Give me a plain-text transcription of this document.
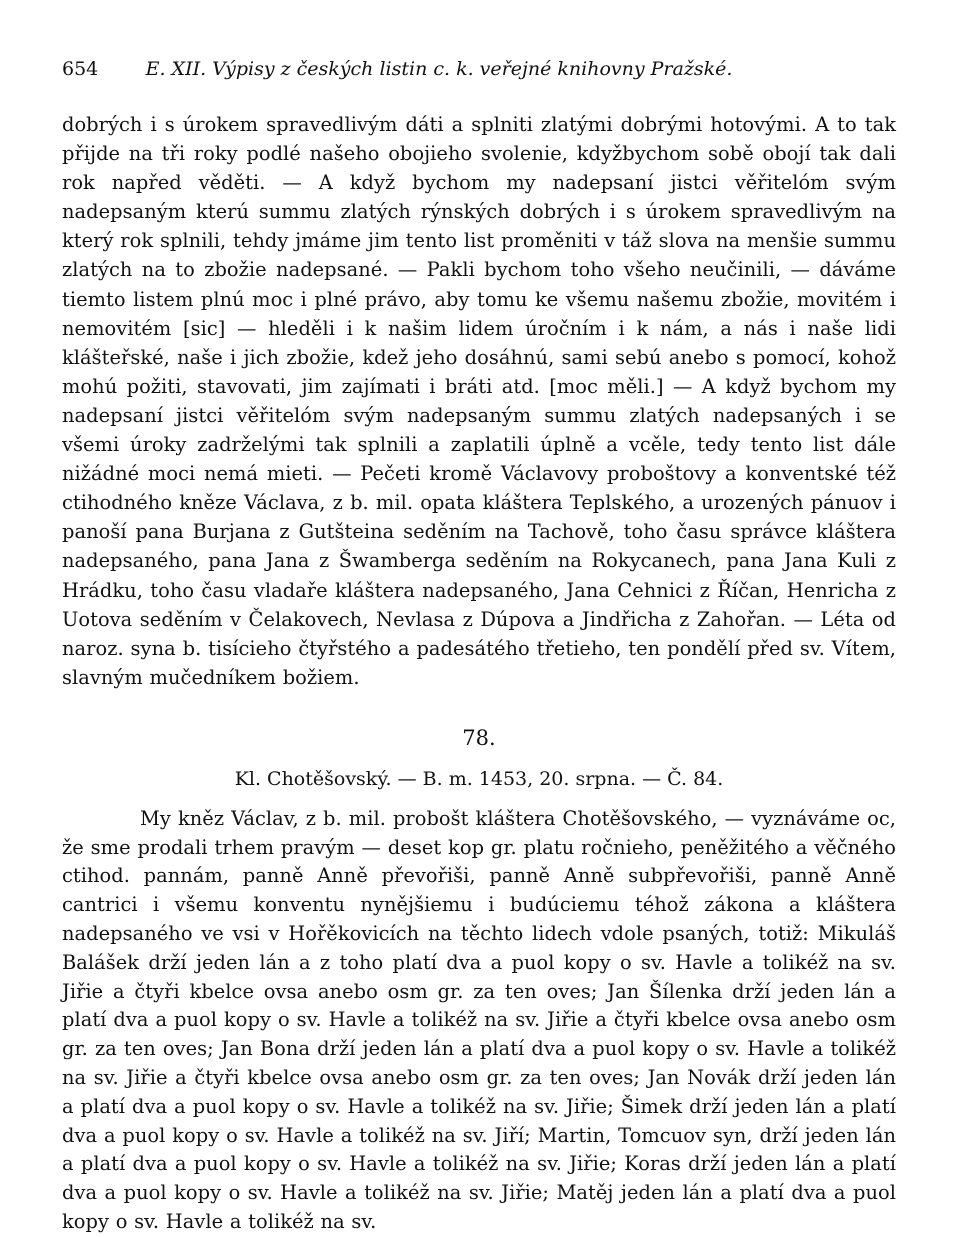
654	E. XII. Výpisy z českých listin c. k. veřejné knihovny Pražské.

dobrých i s úrokem spravedlivým dáti a splniti zlatými dobrými hotovými. A to tak přijde na tři roky podlé našeho obojieho svolenie, kdyžbychom sobě obojí tak dali rok napřed věděti. — A když bychom my nadepsaní jistci věřitelóm svým nadepsaným kterú summu zlatých rýnských dobrých i s úrokem spravedlivým na který rok splnili, tehdy jmáme jim tento list proměniti v táž slova na menšie summu zlatých na to zbožie nadepsané. — Pakli bychom toho všeho neučinili, — dáváme tiemto listem plnú moc i plné právo, aby tomu ke všemu našemu zbožie, movitém i nemovitém [sic] — hleděli i k našim lidem úročním i k nám, a nás i naše lidi klášteřské, naše i jich zbožie, kdež jeho dosáhnú, sami sebú anebo s pomocí, kohož mohú požiti, stavovati, jim zajímati i bráti atd. [moc měli.] — A když bychom my nadepsaní jistci věřitelóm svým nadepsaným summu zlatých nadepsaných i se všemi úroky zadrželými tak splnili a zaplatili úplně a vcěle, tedy tento list dále nižádné moci nemá mieti. — Pečeti kromě Václavovy proboštovy a konventské též ctihodného kněze Václava, z b. mil. opata kláštera Teplského, a urozených pánuov i panoší pana Burjana z Gutšteina seděním na Tachově, toho času správce kláštera nadepsaného, pana Jana z Šwamberga seděním na Rokycanech, pana Jana Kuli z Hrádku, toho času vladaře kláštera nadepsaného, Jana Cehnici z Říčan, Henricha z Uotova seděním v Čelakovech, Nevlasa z Dúpova a Jindřicha z Zahořan. — Léta od naroz. syna b. tisícieho čtyřstého a padesátého třetieho, ten pondělí před sv. Vítem, slavným mučedníkem božiem.

78.
Kl. Chotěšovský. — B. m. 1453, 20. srpna. — Č. 84.

My kněz Václav, z b. mil. probošt kláštera Chotěšovského, — vyznáváme oc, že sme prodali trhem pravým — deset kop gr. platu ročnieho, peněžitého a věčného ctihod. pannám, panně Anně převořiši, panně Anně subpřevořiši, panně Anně cantrici i všemu konventu nynějšiemu i budúciemu téhož zákona a kláštera nadepsaného ve vsi v Hořěkovicích na těchto lidech vdole psaných, totiž: Mikuláš Balášek drží jeden lán a z toho platí dva a puol kopy o sv. Havle a tolikéž na sv. Jiřie a čtyři kbelce ovsa anebo osm gr. za ten oves; Jan Šílenka drží jeden lán a platí dva a puol kopy o sv. Havle a tolikéž na sv. Jiřie a čtyři kbelce ovsa anebo osm gr. za ten oves; Jan Bona drží jeden lán a platí dva a puol kopy o sv. Havle a tolikéž na sv. Jiřie a čtyři kbelce ovsa anebo osm gr. za ten oves; Jan Novák drží jeden lán a platí dva a puol kopy o sv. Havle a tolikéž na sv. Jiřie; Šimek drží jeden lán a platí dva a puol kopy o sv. Havle a tolikéž na sv. Jiří; Martin, Tomcuov syn, drží jeden lán a platí dva a puol kopy o sv. Havle a tolikéž na sv. Jiřie; Koras drží jeden lán a platí dva a puol kopy o sv. Havle a tolikéž na sv. Jiřie; Matěj jeden lán a platí dva a puol kopy o sv. Havle a tolikéž na sv.
